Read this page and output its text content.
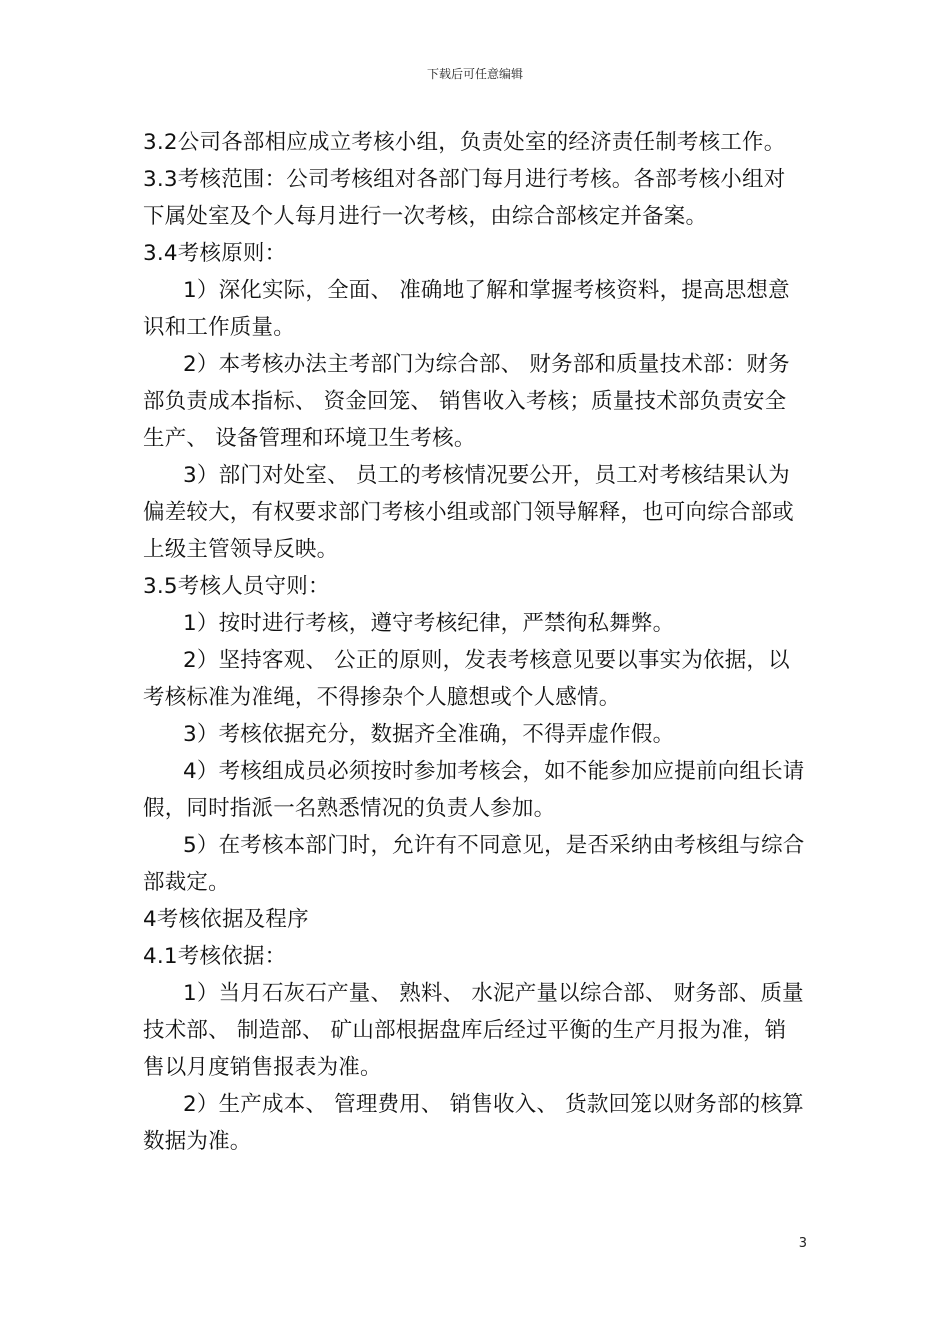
下载后可任意编辑

3.2公司各部相应成立考核小组，负责处室的经济责任制考核工作。

3.3考核范围：公司考核组对各部门每月进行考核。各部考核小组对下属处室及个人每月进行一次考核，由综合部核定并备案。

3.4考核原则：

1）深化实际，全面、 准确地了解和掌握考核资料，提高思想意识和工作质量。

2）本考核办法主考部门为综合部、 财务部和质量技术部：财务部负责成本指标、 资金回笼、 销售收入考核；质量技术部负责安全生产、 设备管理和环境卫生考核。

3）部门对处室、 员工的考核情况要公开，员工对考核结果认为偏差较大，有权要求部门考核小组或部门领导解释，也可向综合部或上级主管领导反映。

3.5考核人员守则：

1）按时进行考核，遵守考核纪律，严禁徇私舞弊。

2）坚持客观、 公正的原则，发表考核意见要以事实为依据，以考核标准为准绳，不得掺杂个人臆想或个人感情。

3）考核依据充分，数据齐全准确，不得弄虚作假。

4）考核组成员必须按时参加考核会，如不能参加应提前向组长请假，同时指派一名熟悉情况的负责人参加。

5）在考核本部门时，允许有不同意见，是否采纳由考核组与综合部裁定。

4考核依据及程序

4.1考核依据：

1）当月石灰石产量、 熟料、 水泥产量以综合部、 财务部、质量技术部、 制造部、 矿山部根据盘库后经过平衡的生产月报为准，销售以月度销售报表为准。

2）生产成本、 管理费用、 销售收入、 货款回笼以财务部的核算数据为准。

3
